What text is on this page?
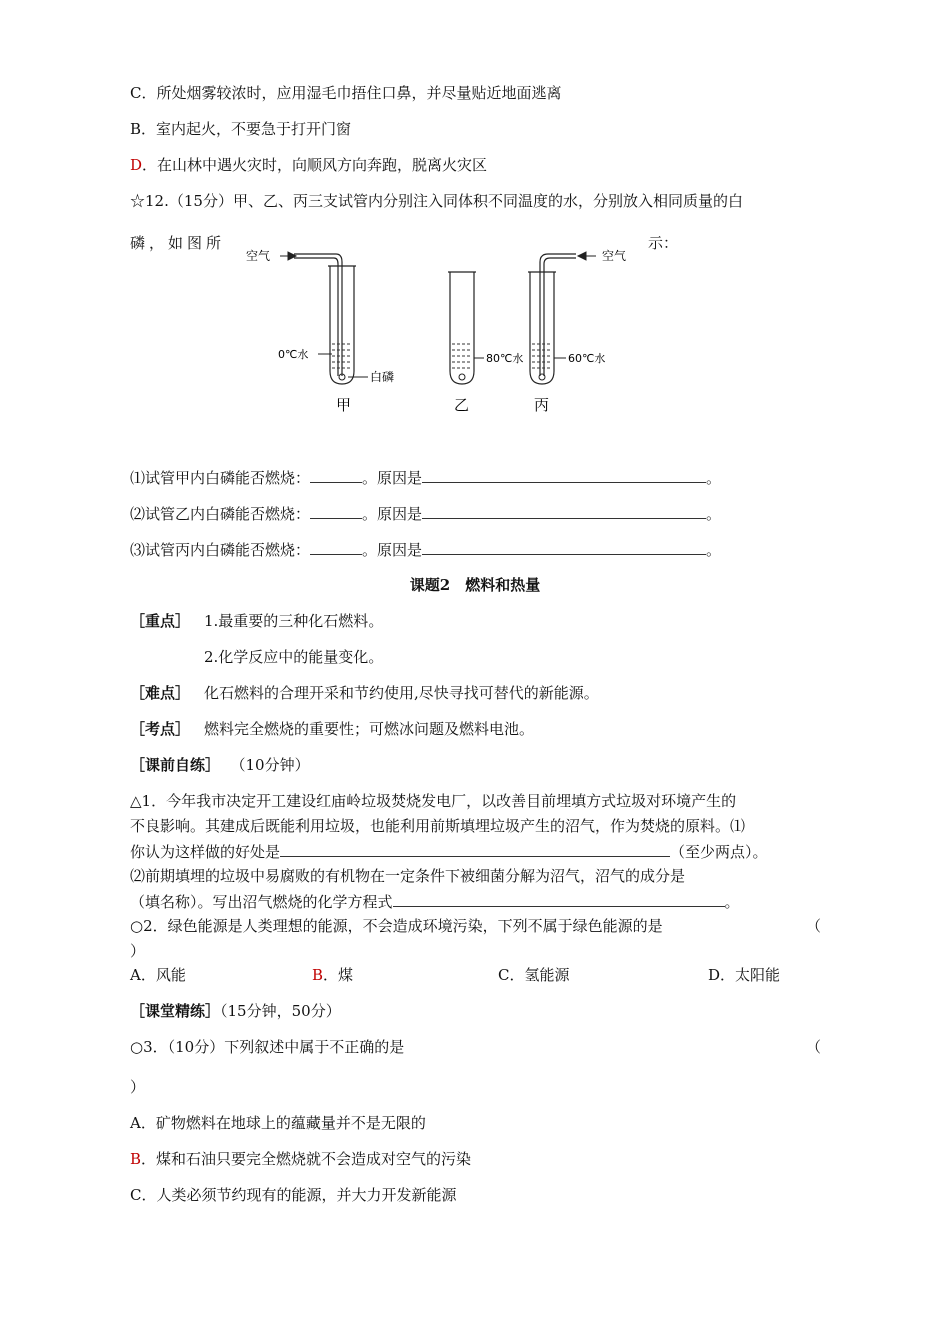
C．所处烟雾较浓时，应用湿毛巾捂住口鼻，并尽量贴近地面逃离
B．室内起火，不要急于打开门窗
D．在山林中遇火灾时，向顺风方向奔跑，脱离火灾区
☆12.（15分）甲、乙、丙三支试管内分别注入同体积不同温度的水，分别放入相同质量的白
磷，如图所	示：
空气	空气
0℃水
白磷
80℃水	60℃水
甲	乙	丙
⑴试管甲内白磷能否燃烧：	。原因是	。
⑵试管乙内白磷能否燃烧：	。原因是	。
⑶试管丙内白磷能否燃烧：	。原因是	。
课题2　燃料和热量
［重点］ 1.最重要的三种化石燃料。
2.化学反应中的能量变化。
［难点］ 化石燃料的合理开采和节约使用,尽快寻找可替代的新能源。
［考点］ 燃料完全燃烧的重要性；可燃冰问题及燃料电池。
［课前自练］ （10分钟）
△1．今年我市决定开工建设红庙岭垃圾焚烧发电厂，以改善目前埋填方式垃圾对环境产生的
不良影响。其建成后既能利用垃圾，也能利用前斯填埋垃圾产生的沼气，作为焚烧的原料。⑴
你认为这样做的好处是	（至少两点）。
⑵前期填埋的垃圾中易腐败的有机物在一定条件下被细菌分解为沼气，沼气的成分是
（填名称）。写出沼气燃烧的化学方程式	。
○2．绿色能源是人类理想的能源，不会造成环境污染，下列不属于绿色能源的是	（
）
A．风能	B．煤	C．氢能源	D．太阳能
［课堂精练］（15分钟，50分）
○3．（10分）下列叙述中属于不正确的是	（
）
A．矿物燃料在地球上的蕴藏量并不是无限的
B．煤和石油只要完全燃烧就不会造成对空气的污染
C．人类必须节约现有的能源，并大力开发新能源
